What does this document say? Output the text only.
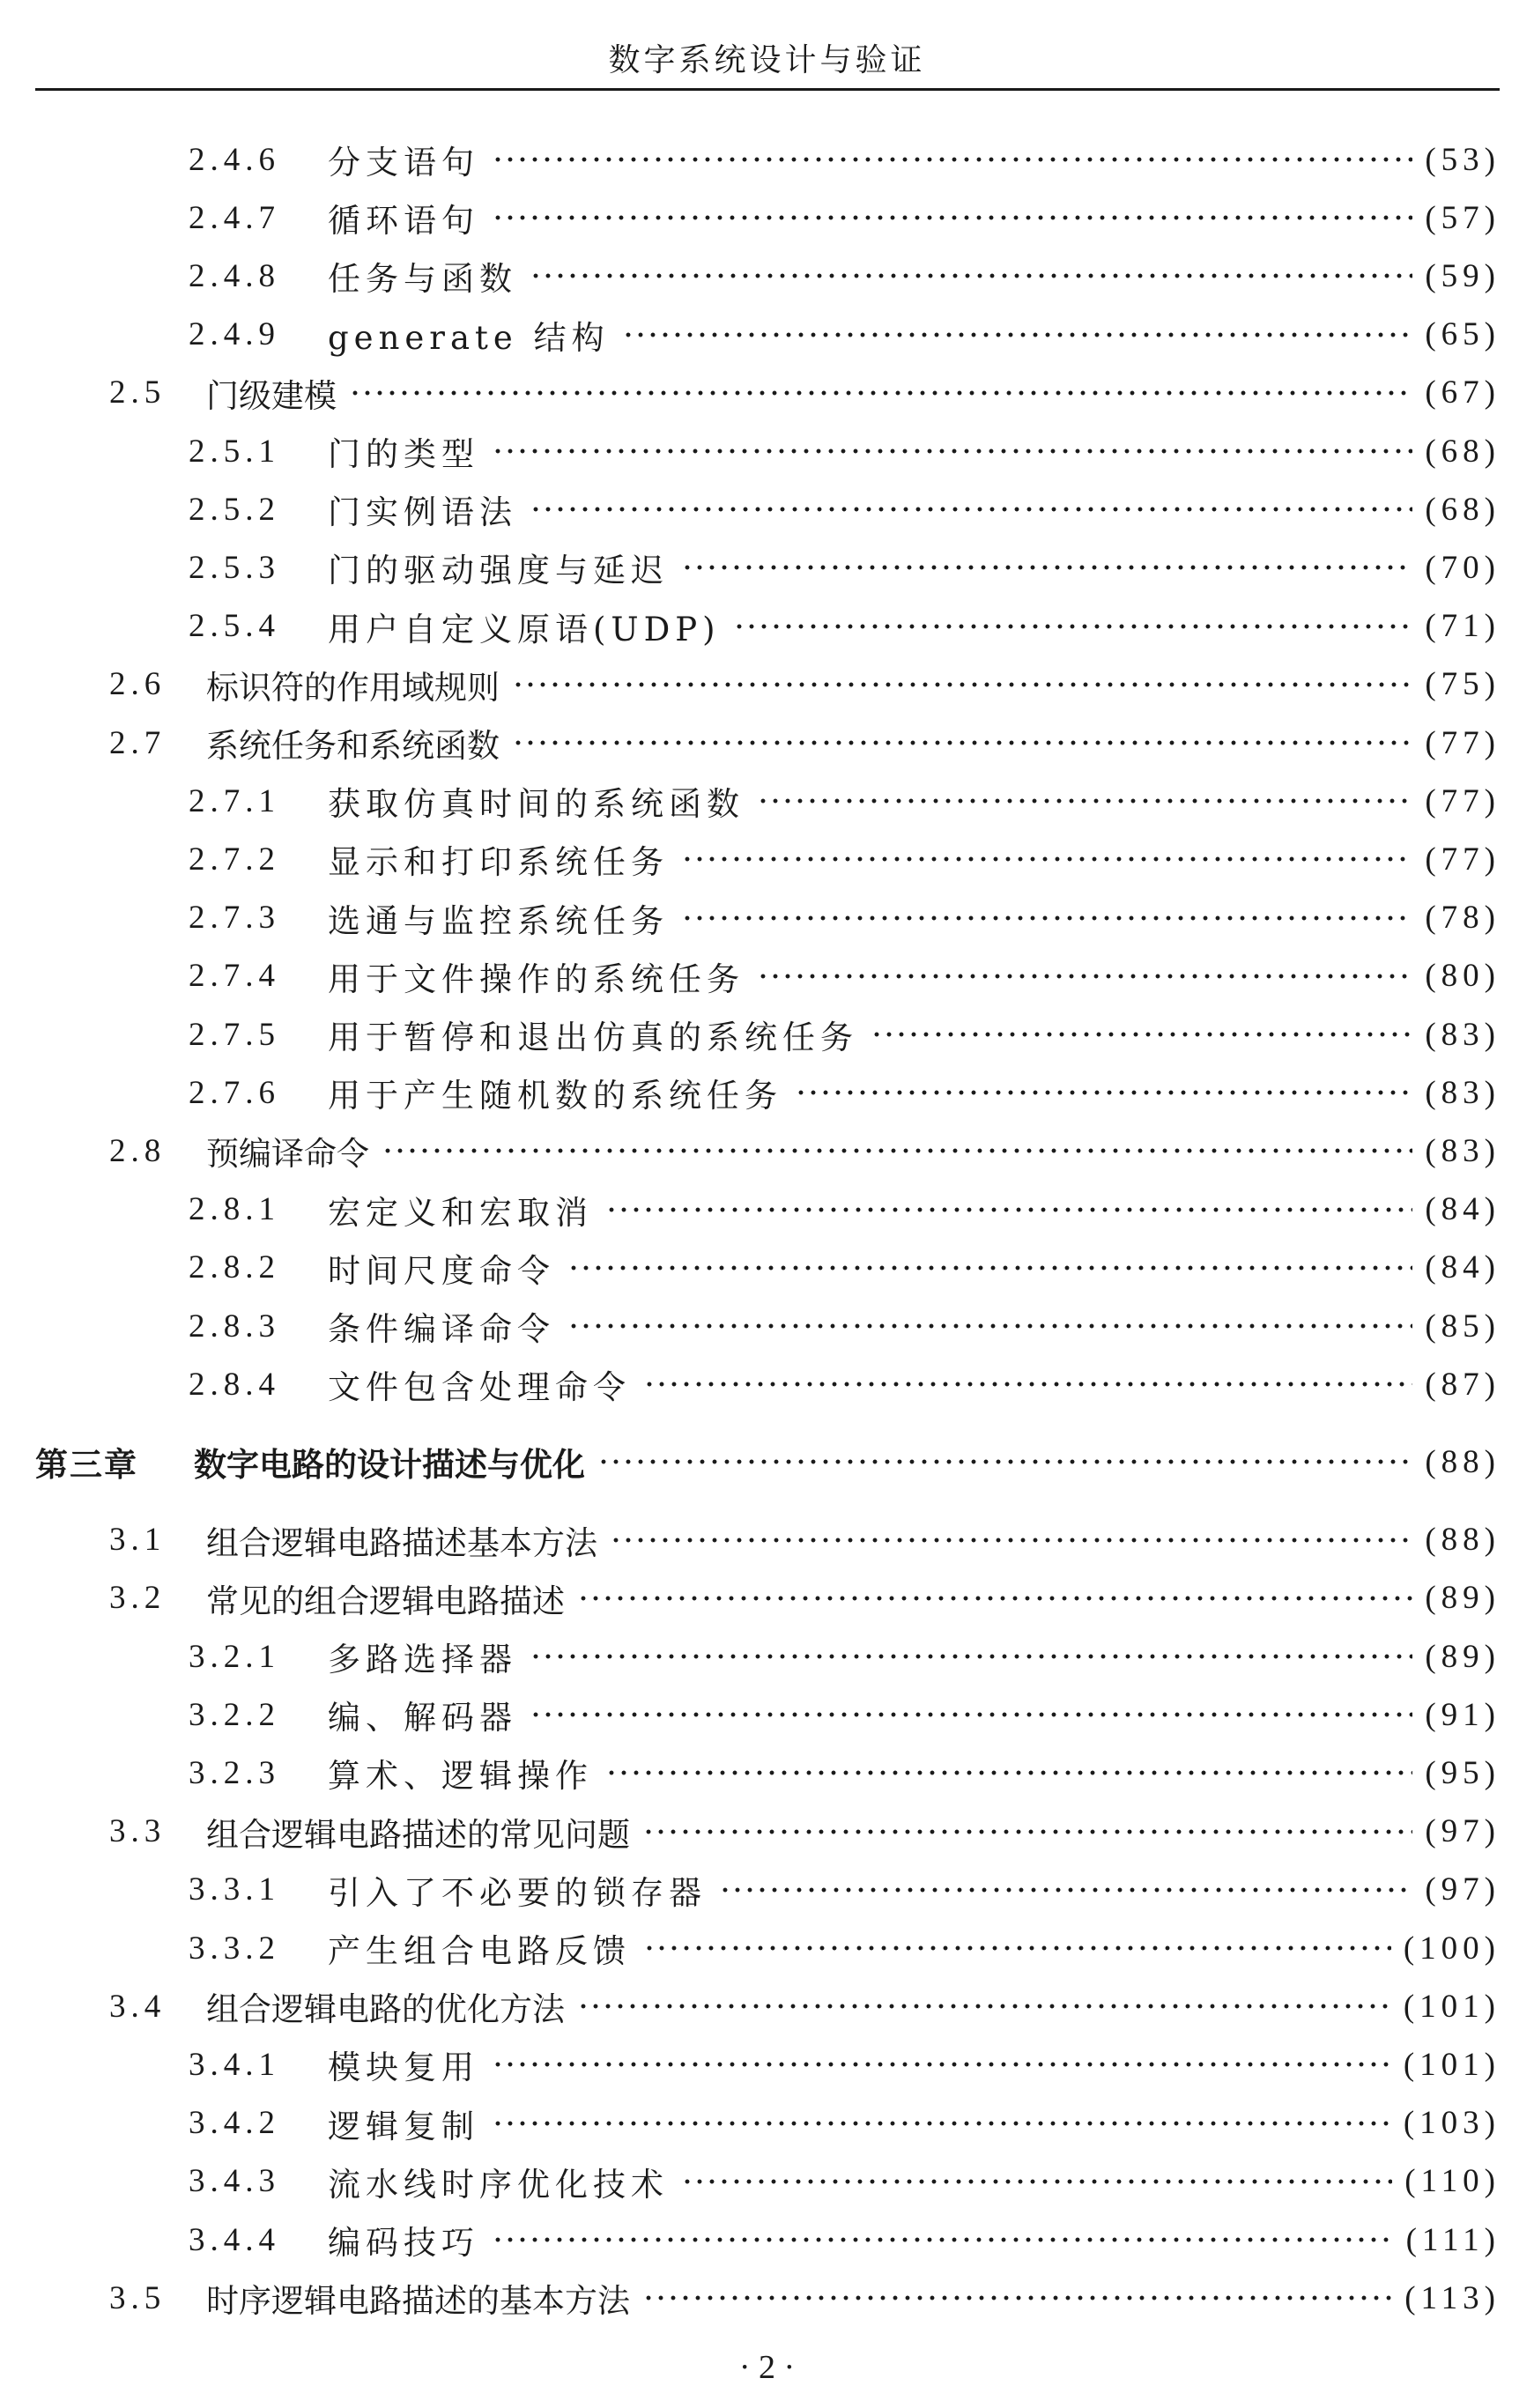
数字系统设计与验证
2.4.6	分支语句	(53)
2.4.7	循环语句	(57)
2.4.8	任务与函数	(59)
2.4.9	generate 结构	(65)
2.5	门级建模	(67)
2.5.1	门的类型	(68)
2.5.2	门实例语法	(68)
2.5.3	门的驱动强度与延迟	(70)
2.5.4	用户自定义原语(UDP)	(71)
2.6	标识符的作用域规则	(75)
2.7	系统任务和系统函数	(77)
2.7.1	获取仿真时间的系统函数	(77)
2.7.2	显示和打印系统任务	(77)
2.7.3	选通与监控系统任务	(78)
2.7.4	用于文件操作的系统任务	(80)
2.7.5	用于暂停和退出仿真的系统任务	(83)
2.7.6	用于产生随机数的系统任务	(83)
2.8	预编译命令	(83)
2.8.1	宏定义和宏取消	(84)
2.8.2	时间尺度命令	(84)
2.8.3	条件编译命令	(85)
2.8.4	文件包含处理命令	(87)
第三章	数字电路的设计描述与优化	(88)
3.1	组合逻辑电路描述基本方法	(88)
3.2	常见的组合逻辑电路描述	(89)
3.2.1	多路选择器	(89)
3.2.2	编、解码器	(91)
3.2.3	算术、逻辑操作	(95)
3.3	组合逻辑电路描述的常见问题	(97)
3.3.1	引入了不必要的锁存器	(97)
3.3.2	产生组合电路反馈	(100)
3.4	组合逻辑电路的优化方法	(101)
3.4.1	模块复用	(101)
3.4.2	逻辑复制	(103)
3.4.3	流水线时序优化技术	(110)
3.4.4	编码技巧	(111)
3.5	时序逻辑电路描述的基本方法	(113)
· 2 ·
